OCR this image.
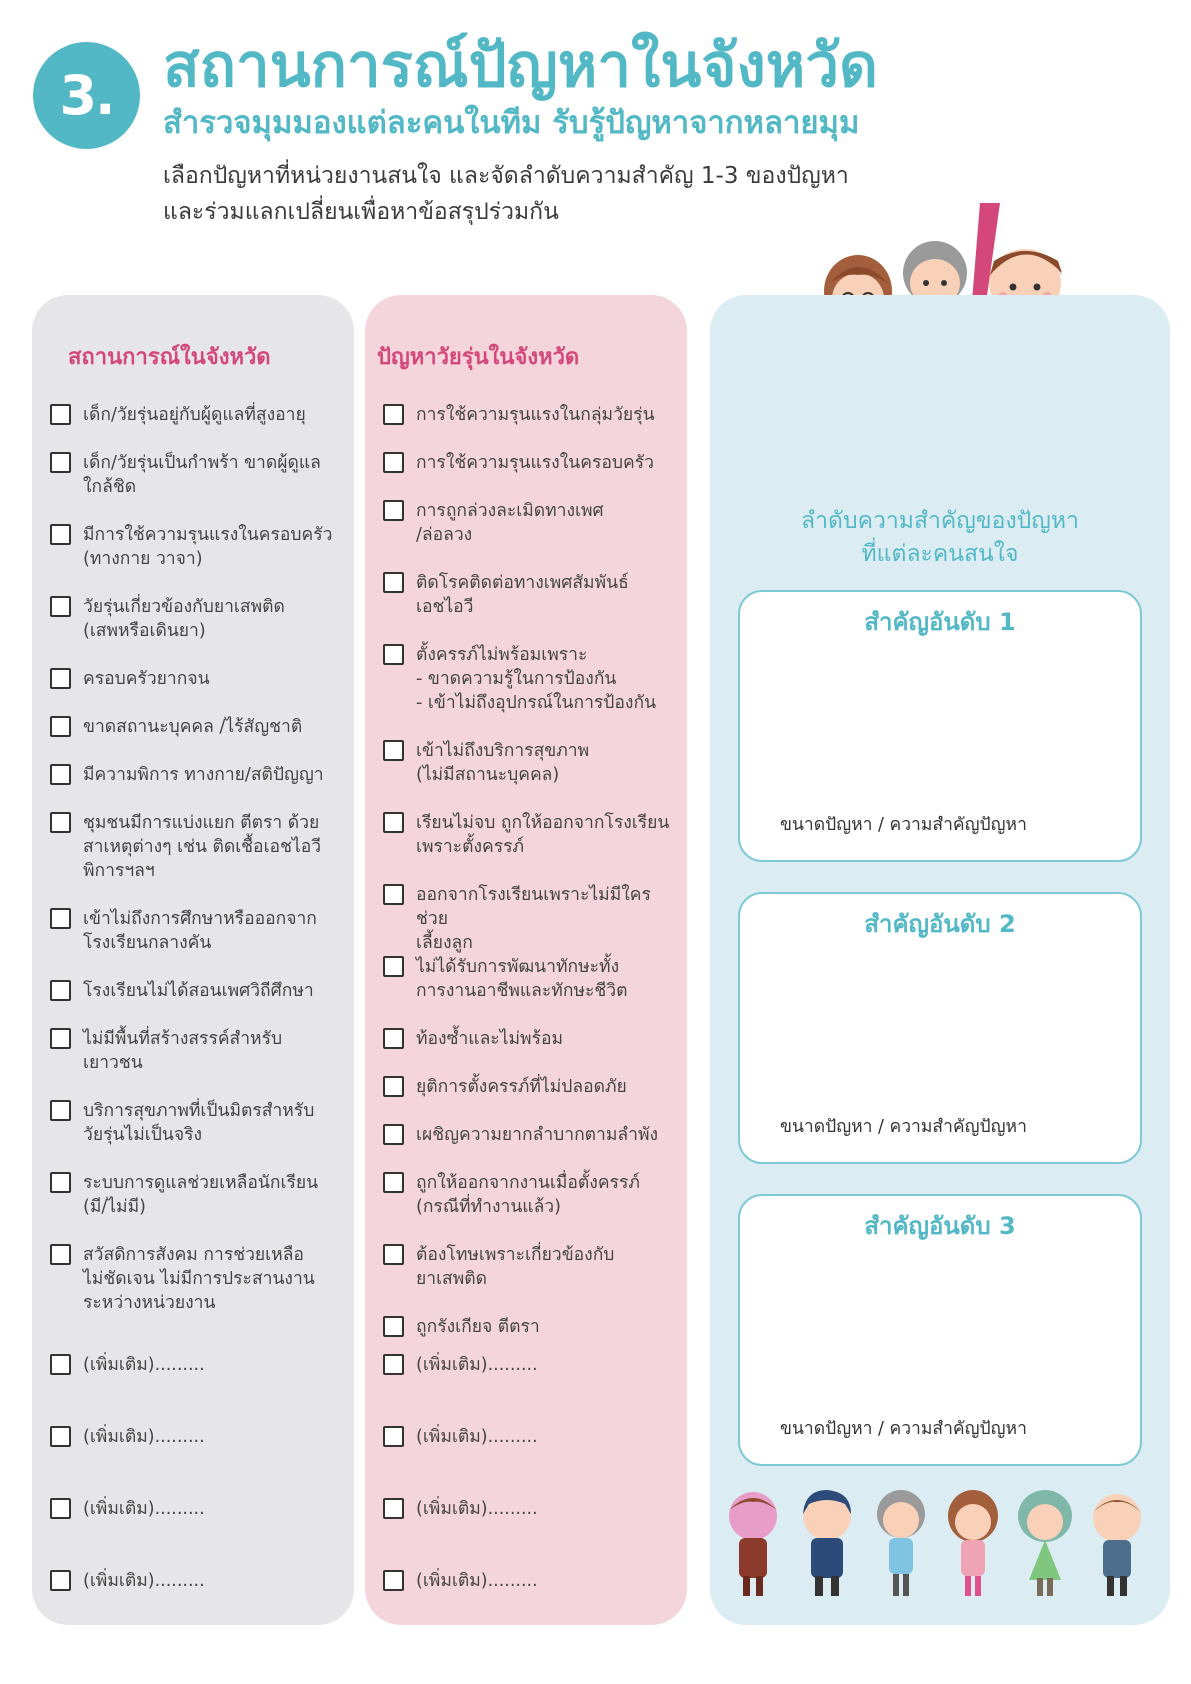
3. สถานการณ์ปัญหาในจังหวัด
สำรวจมุมมองแต่ละคนในทีม รับรู้ปัญหาจากหลายมุม
เลือกปัญหาที่หน่วยงานสนใจ และจัดลำดับความสำคัญ 1-3 ของปัญหา
และร่วมแลกเปลี่ยนเพื่อหาข้อสรุปร่วมกัน
สถานการณ์ในจังหวัด
เด็ก/วัยรุ่นอยู่กับผู้ดูแลที่สูงอายุ
เด็ก/วัยรุ่นเป็นกำพร้า ขาดผู้ดูแล
ใกล้ชิด
มีการใช้ความรุนแรงในครอบครัว
(ทางกาย วาจา)
วัยรุ่นเกี่ยวข้องกับยาเสพติด
(เสพหรือเดินยา)
ครอบครัวยากจน
ขาดสถานะบุคคล /ไร้สัญชาติ
มีความพิการ ทางกาย/สติปัญญา
ชุมชนมีการแบ่งแยก ตีตรา ด้วย
สาเหตุต่างๆ เช่น ติดเชื้อเอชไอวี
พิการฯลฯ
เข้าไม่ถึงการศึกษาหรือออกจาก
โรงเรียนกลางคัน
โรงเรียนไม่ได้สอนเพศวิถีศึกษา
ไม่มีพื้นที่สร้างสรรค์สำหรับ
เยาวชน
บริการสุขภาพที่เป็นมิตรสำหรับ
วัยรุ่นไม่เป็นจริง
ระบบการดูแลช่วยเหลือนักเรียน
(มี/ไม่มี)
สวัสดิการสังคม การช่วยเหลือ
ไม่ชัดเจน ไม่มีการประสานงาน
ระหว่างหน่วยงาน
(เพิ่มเติม).........
(เพิ่มเติม).........
(เพิ่มเติม).........
(เพิ่มเติม).........
ปัญหาวัยรุ่นในจังหวัด
การใช้ความรุนแรงในกลุ่มวัยรุ่น
การใช้ความรุนแรงในครอบครัว
การถูกล่วงละเมิดทางเพศ
/ล่อลวง
ติดโรคติดต่อทางเพศสัมพันธ์
เอชไอวี
ตั้งครรภ์ไม่พร้อมเพราะ
- ขาดความรู้ในการป้องกัน
- เข้าไม่ถึงอุปกรณ์ในการป้องกัน
เข้าไม่ถึงบริการสุขภาพ
(ไม่มีสถานะบุคคล)
เรียนไม่จบ ถูกให้ออกจากโรงเรียน
เพราะตั้งครรภ์
ออกจากโรงเรียนเพราะไม่มีใครช่วย
เลี้ยงลูก
ไม่ได้รับการพัฒนาทักษะทั้ง
การงานอาชีพและทักษะชีวิต
ท้องซ้ำและไม่พร้อม
ยุติการตั้งครรภ์ที่ไม่ปลอดภัย
เผชิญความยากลำบากตามลำพัง
ถูกให้ออกจากงานเมื่อตั้งครรภ์
(กรณีที่ทำงานแล้ว)
ต้องโทษเพราะเกี่ยวข้องกับ
ยาเสพติด
ถูกรังเกียจ ตีตรา
(เพิ่มเติม).........
(เพิ่มเติม).........
(เพิ่มเติม).........
(เพิ่มเติม).........
ลำดับความสำคัญของปัญหา
ที่แต่ละคนสนใจ
สำคัญอันดับ 1
ขนาดปัญหา / ความสำคัญปัญหา
สำคัญอันดับ 2
ขนาดปัญหา / ความสำคัญปัญหา
สำคัญอันดับ 3
ขนาดปัญหา / ความสำคัญปัญหา
